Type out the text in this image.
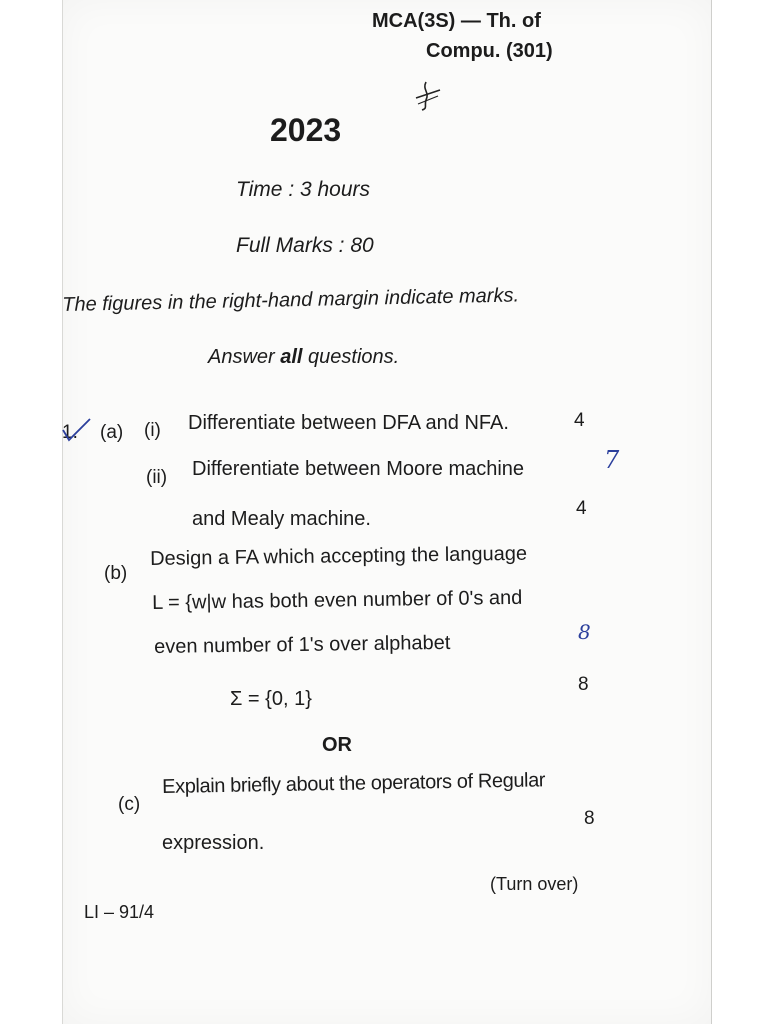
MCA(3S) — Th. of
Compu. (301)
2023
Time : 3 hours
Full Marks : 80
The figures in the right-hand margin indicate marks.
Answer all questions.
1. (a) (i) Differentiate between DFA and NFA.	4
(ii) Differentiate between Moore machine	7
and Mealy machine.	4
(b)
Design a FA which accepting the language
L = {w|w has both even number of 0's and
8
even number of 1's over alphabet
Σ = {0, 1}
8
OR
(c)
Explain briefly about the operators of Regular
8
expression.
(Turn over)
LI – 91/4
